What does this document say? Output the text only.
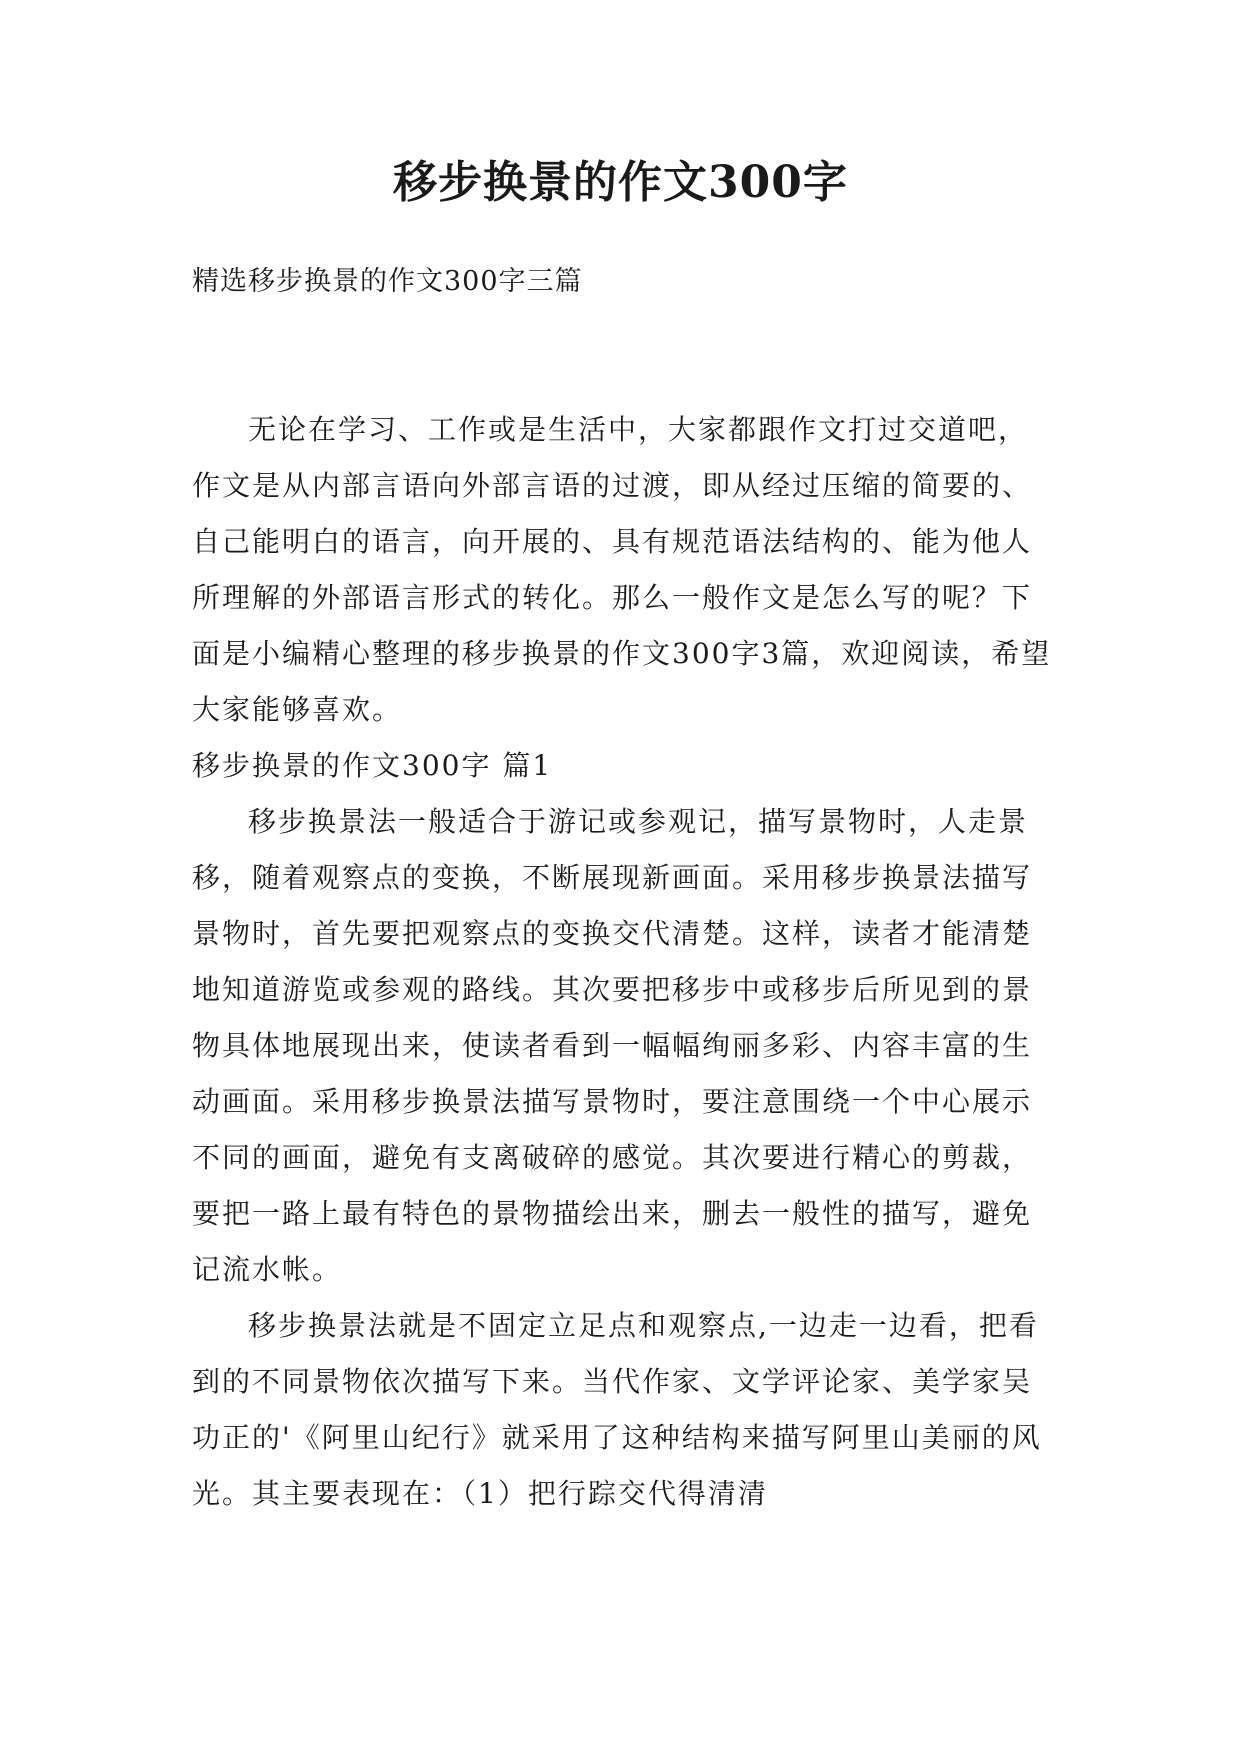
移步换景的作文300字
精选移步换景的作文300字三篇

无论在学习、工作或是生活中，大家都跟作文打过交道吧，作文是从内部言语向外部言语的过渡，即从经过压缩的简要的、自己能明白的语言，向开展的、具有规范语法结构的、能为他人所理解的外部语言形式的转化。那么一般作文是怎么写的呢？下面是小编精心整理的移步换景的作文300字3篇，欢迎阅读，希望大家能够喜欢。

移步换景的作文300字 篇1

移步换景法一般适合于游记或参观记，描写景物时，人走景移，随着观察点的变换，不断展现新画面。采用移步换景法描写景物时，首先要把观察点的变换交代清楚。这样，读者才能清楚地知道游览或参观的路线。其次要把移步中或移步后所见到的景物具体地展现出来，使读者看到一幅幅绚丽多彩、内容丰富的生动画面。采用移步换景法描写景物时，要注意围绕一个中心展示不同的画面，避免有支离破碎的感觉。其次要进行精心的剪裁，要把一路上最有特色的景物描绘出来，删去一般性的描写，避免记流水帐。

移步换景法就是不固定立足点和观察点,一边走一边看，把看到的不同景物依次描写下来。当代作家、文学评论家、美学家吴功正的'《阿里山纪行》就采用了这种结构来描写阿里山美丽的风光。其主要表现在：（1）把行踪交代得清清
